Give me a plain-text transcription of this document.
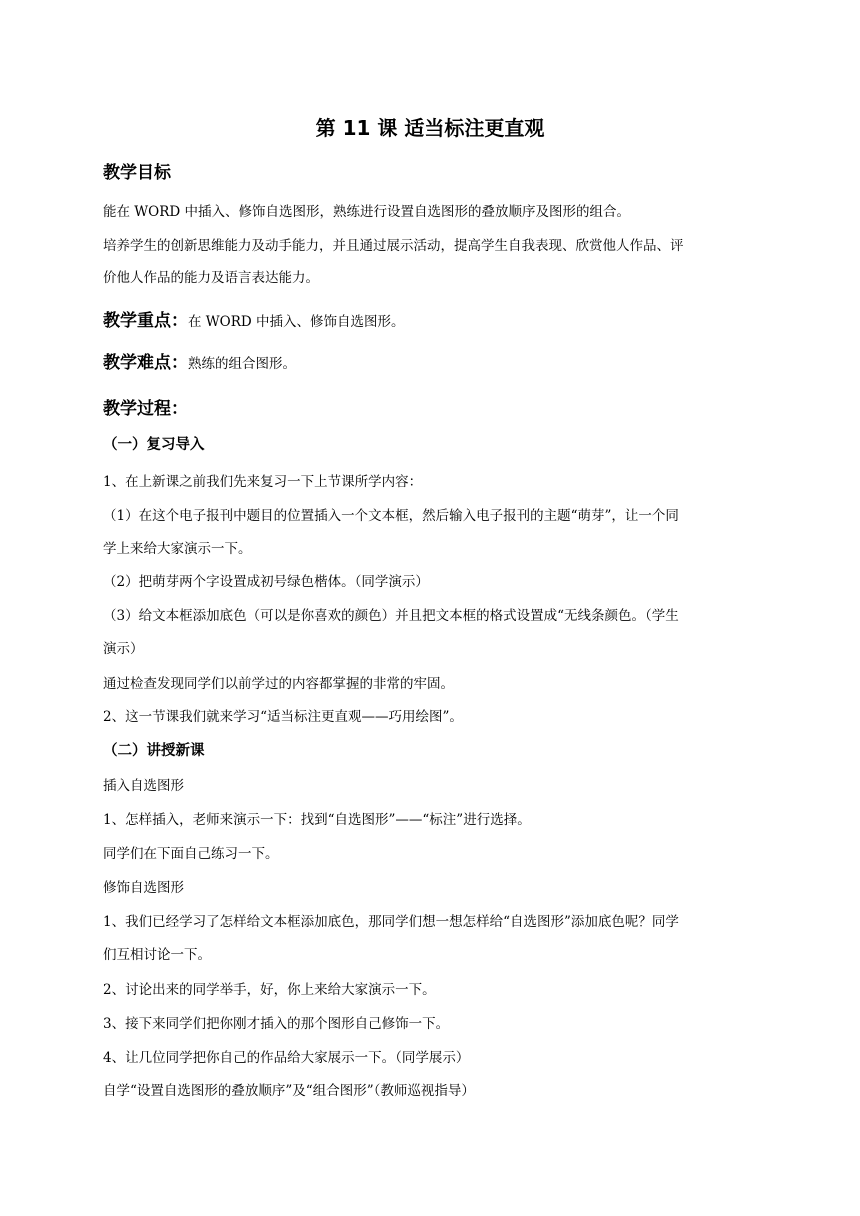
第 11 课 适当标注更直观
教学目标
能在 WORD 中插入、修饰自选图形，熟练进行设置自选图形的叠放顺序及图形的组合。
培养学生的创新思维能力及动手能力，并且通过展示活动，提高学生自我表现、欣赏他人作品、评
价他人作品的能力及语言表达能力。
教学重点：在 WORD 中插入、修饰自选图形。
教学难点：熟练的组合图形。
教学过程：
（一）复习导入
1、在上新课之前我们先来复习一下上节课所学内容：
（1）在这个电子报刊中题目的位置插入一个文本框，然后输入电子报刊的主题“萌芽”，让一个同
学上来给大家演示一下。
（2）把萌芽两个字设置成初号绿色楷体。（同学演示）
（3）给文本框添加底色（可以是你喜欢的颜色）并且把文本框的格式设置成“无线条颜色。（学生
演示）
通过检查发现同学们以前学过的内容都掌握的非常的牢固。
2、这一节课我们就来学习“适当标注更直观——巧用绘图”。
（二）讲授新课
插入自选图形
1、怎样插入，老师来演示一下：找到“自选图形”——“标注”进行选择。
同学们在下面自己练习一下。
修饰自选图形
1、我们已经学习了怎样给文本框添加底色，那同学们想一想怎样给“自选图形”添加底色呢？同学
们互相讨论一下。
2、讨论出来的同学举手，好，你上来给大家演示一下。
3、接下来同学们把你刚才插入的那个图形自己修饰一下。
4、让几位同学把你自己的作品给大家展示一下。（同学展示）
自学“设置自选图形的叠放顺序”及“组合图形”（教师巡视指导）
